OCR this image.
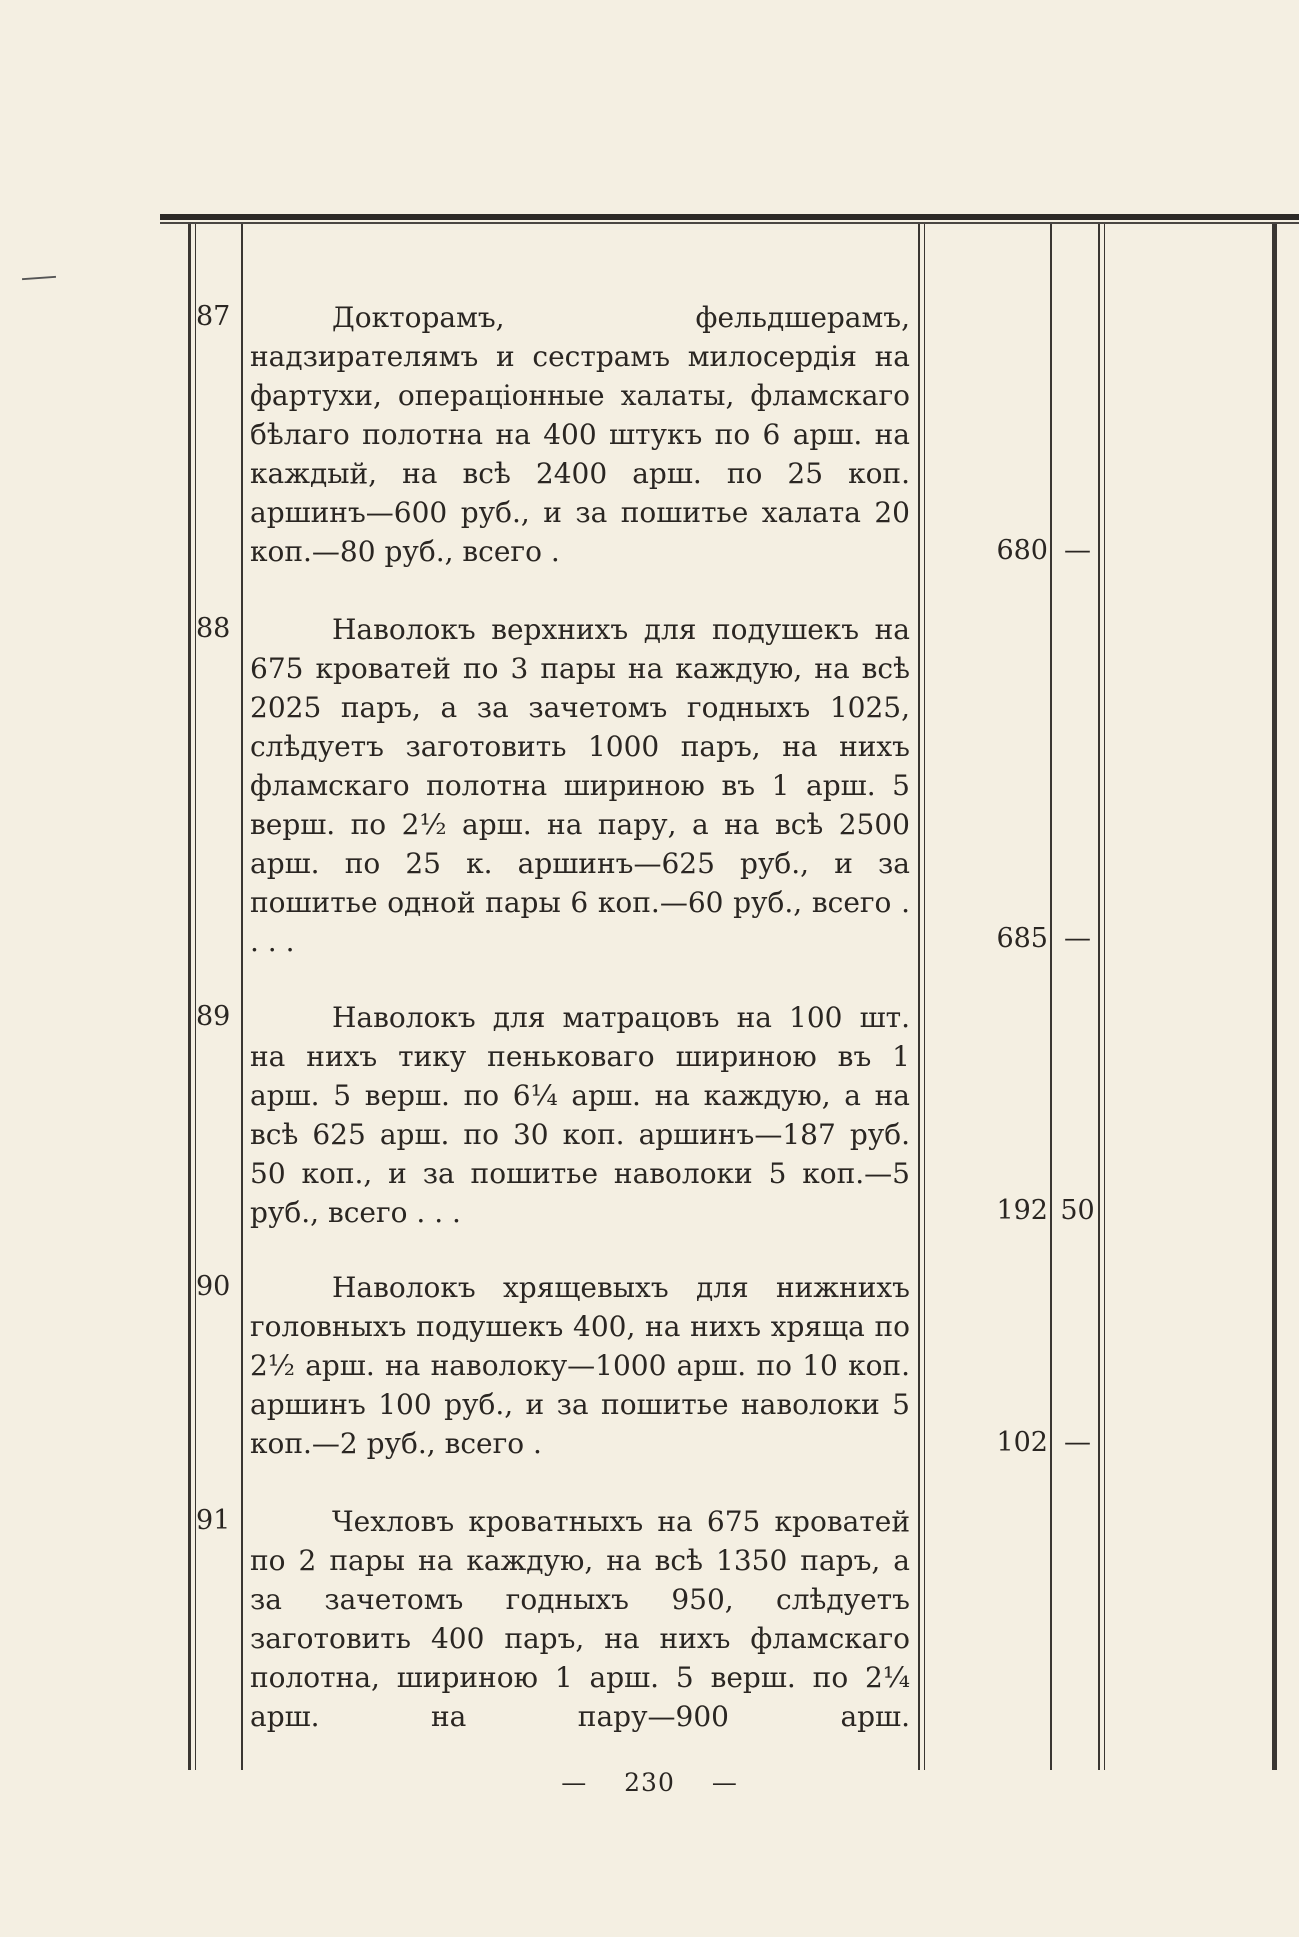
87	Докторамъ, фельдшерамъ, надзирателямъ и сестрамъ милосердія на фартухи, операціонные халаты, фламскаго бѣлаго полотна на 400 штукъ по 6 арш. на каждый, на всѣ 2400 арш. по 25 коп. аршинъ—600 руб., и за пошитье халата 20 коп.—80 руб., всего .	680 —
88	Наволокъ верхнихъ для подушекъ на 675 кроватей по 3 пары на каждую, на всѣ 2025 паръ, а за зачетомъ годныхъ 1025, слѣдуетъ заготовить 1000 паръ, на нихъ фламскаго полотна шириною въ 1 арш. 5 верш. по 2½ арш. на пару, а на всѣ 2500 арш. по 25 к. аршинъ—625 руб., и за пошитье одной пары 6 коп.—60 руб., всего . . . .	685 —
89	Наволокъ для матрацовъ на 100 шт. на нихъ тику пеньковаго шириною въ 1 арш. 5 верш. по 6¼ арш. на каждую, а на всѣ 625 арш. по 30 коп. аршинъ—187 руб. 50 коп., и за пошитье наволоки 5 коп.—5 руб., всего . . .	192 50
90	Наволокъ хрящевыхъ для нижнихъ головныхъ подушекъ 400, на нихъ хряща по 2½ арш. на наволоку—1000 арш. по 10 коп. аршинъ 100 руб., и за пошитье наволоки 5 коп.—2 руб., всего .	102 —
91	Чехловъ кроватныхъ на 675 кроватей по 2 пары на каждую, на всѣ 1350 паръ, а за зачетомъ годныхъ 950, слѣдуетъ заготовить 400 паръ, на нихъ фламскаго полотна, шириною 1 арш. 5 верш. по 2¼ арш. на пару—900 арш.

— 230 —
